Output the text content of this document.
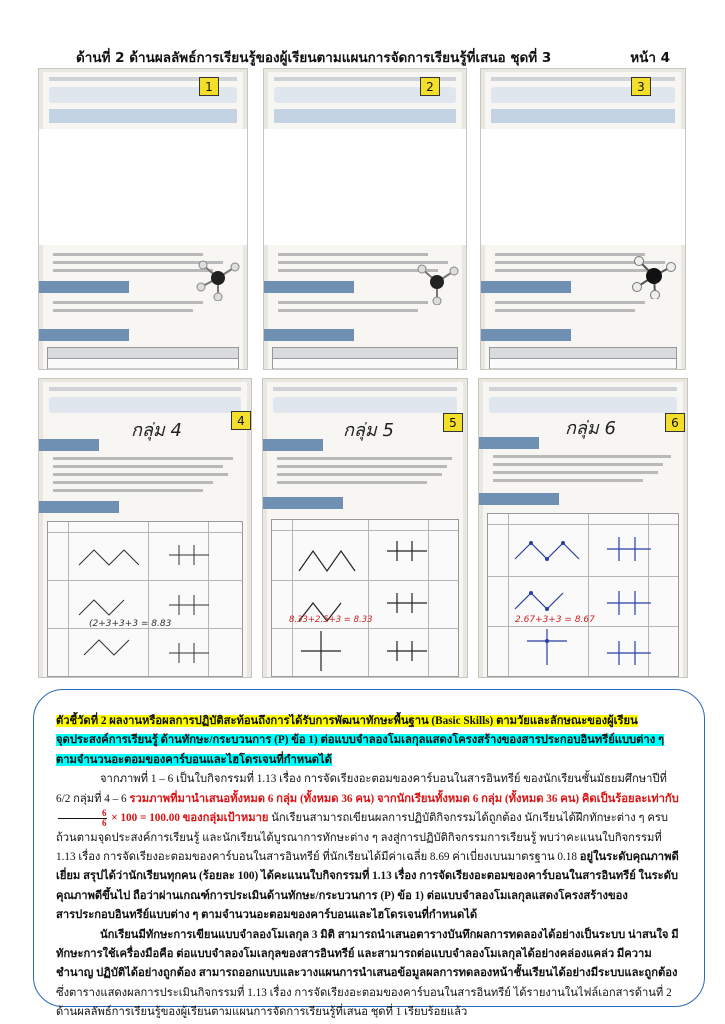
ด้านที่ 2 ด้านผลลัพธ์การเรียนรู้ของผู้เรียนตามแผนการจัดการเรียนรู้ที่เสนอ ชุดที่ 3	หน้า 4
1	2	3
กลุ่ม 4
(2+3+3+3 = 8.83
4	กลุ่ม 5
8.33+2.5+3 = 8.33
5	กลุ่ม 6
2.67+3+3 = 8.67
6

ตัวชี้วัดที่ 2 ผลงานหรือผลการปฏิบัติสะท้อนถึงการได้รับการพัฒนาทักษะพื้นฐาน (Basic Skills) ตามวัยและลักษณะของผู้เรียน
จุดประสงค์การเรียนรู้ ด้านทักษะ/กระบวนการ (P) ข้อ 1) ต่อแบบจำลองโมเลกุลแสดงโครงสร้างของสารประกอบอินทรีย์แบบต่าง ๆ
ตามจำนวนอะตอมของคาร์บอนและไฮโดรเจนที่กำหนดได้

จากภาพที่ 1 – 6 เป็นใบกิจกรรมที่ 1.13 เรื่อง การจัดเรียงอะตอมของคาร์บอนในสารอินทรีย์ ของนักเรียนชั้นมัธยมศึกษาปีที่ 6/2 กลุ่มที่ 4 – 6 รวมภาพที่มานำเสนอทั้งหมด 6 กลุ่ม (ทั้งหมด 36 คน) จากนักเรียนทั้งหมด 6 กลุ่ม (ทั้งหมด 36 คน) คิดเป็นร้อยละเท่ากับ
$\frac{6}{6} \times 100 = 100.00$ ของกลุ่มเป้าหมาย นักเรียนสามารถเขียนผลการปฏิบัติกิจกรรมได้ถูกต้อง นักเรียนได้ฝึกทักษะต่าง ๆ ครบถ้วนตามจุดประสงค์การเรียนรู้ และนักเรียนได้บูรณาการทักษะต่าง ๆ ลงสู่การปฏิบัติกิจกรรมการเรียนรู้ พบว่าคะแนนใบกิจกรรมที่ 1.13 เรื่อง การจัดเรียงอะตอมของคาร์บอนในสารอินทรีย์ ที่นักเรียนได้มีค่าเฉลี่ย 8.69 ค่าเบี่ยงเบนมาตรฐาน 0.18 อยู่ในระดับคุณภาพดีเยี่ยม สรุปได้ว่านักเรียนทุกคน (ร้อยละ 100) ได้คะแนนใบกิจกรรมที่ 1.13 เรื่อง การจัดเรียงอะตอมของคาร์บอนในสารอินทรีย์ ในระดับคุณภาพดีขึ้นไป ถือว่าผ่านเกณฑ์การประเมินด้านทักษะ/กระบวนการ (P) ข้อ 1) ต่อแบบจำลองโมเลกุลแสดงโครงสร้างของสารประกอบอินทรีย์แบบต่าง ๆ ตามจำนวนอะตอมของคาร์บอนและไฮโดรเจนที่กำหนดได้

นักเรียนมีทักษะการเขียนแบบจำลองโมเลกุล 3 มิติ สามารถนำเสนอตารางบันทึกผลการทดลองได้อย่างเป็นระบบ น่าสนใจ มีทักษะการใช้เครื่องมือคือ ต่อแบบจำลองโมเลกุลของสารอินทรีย์ และสามารถต่อแบบจำลองโมเลกุลได้อย่างคล่องแคล่ว มีความชำนาญ ปฏิบัติได้อย่างถูกต้อง สามารถออกแบบและวางแผนการนำเสนอข้อมูลผลการทดลองหน้าชั้นเรียนได้อย่างมีระบบและถูกต้อง ซึ่งตารางแสดงผลการประเมินกิจกรรมที่ 1.13 เรื่อง การจัดเรียงอะตอมของคาร์บอนในสารอินทรีย์ ได้รายงานในไฟล์เอกสารด้านที่ 2 ด้านผลลัพธ์การเรียนรู้ของผู้เรียนตามแผนการจัดการเรียนรู้ที่เสนอ ชุดที่ 1 เรียบร้อยแล้ว
